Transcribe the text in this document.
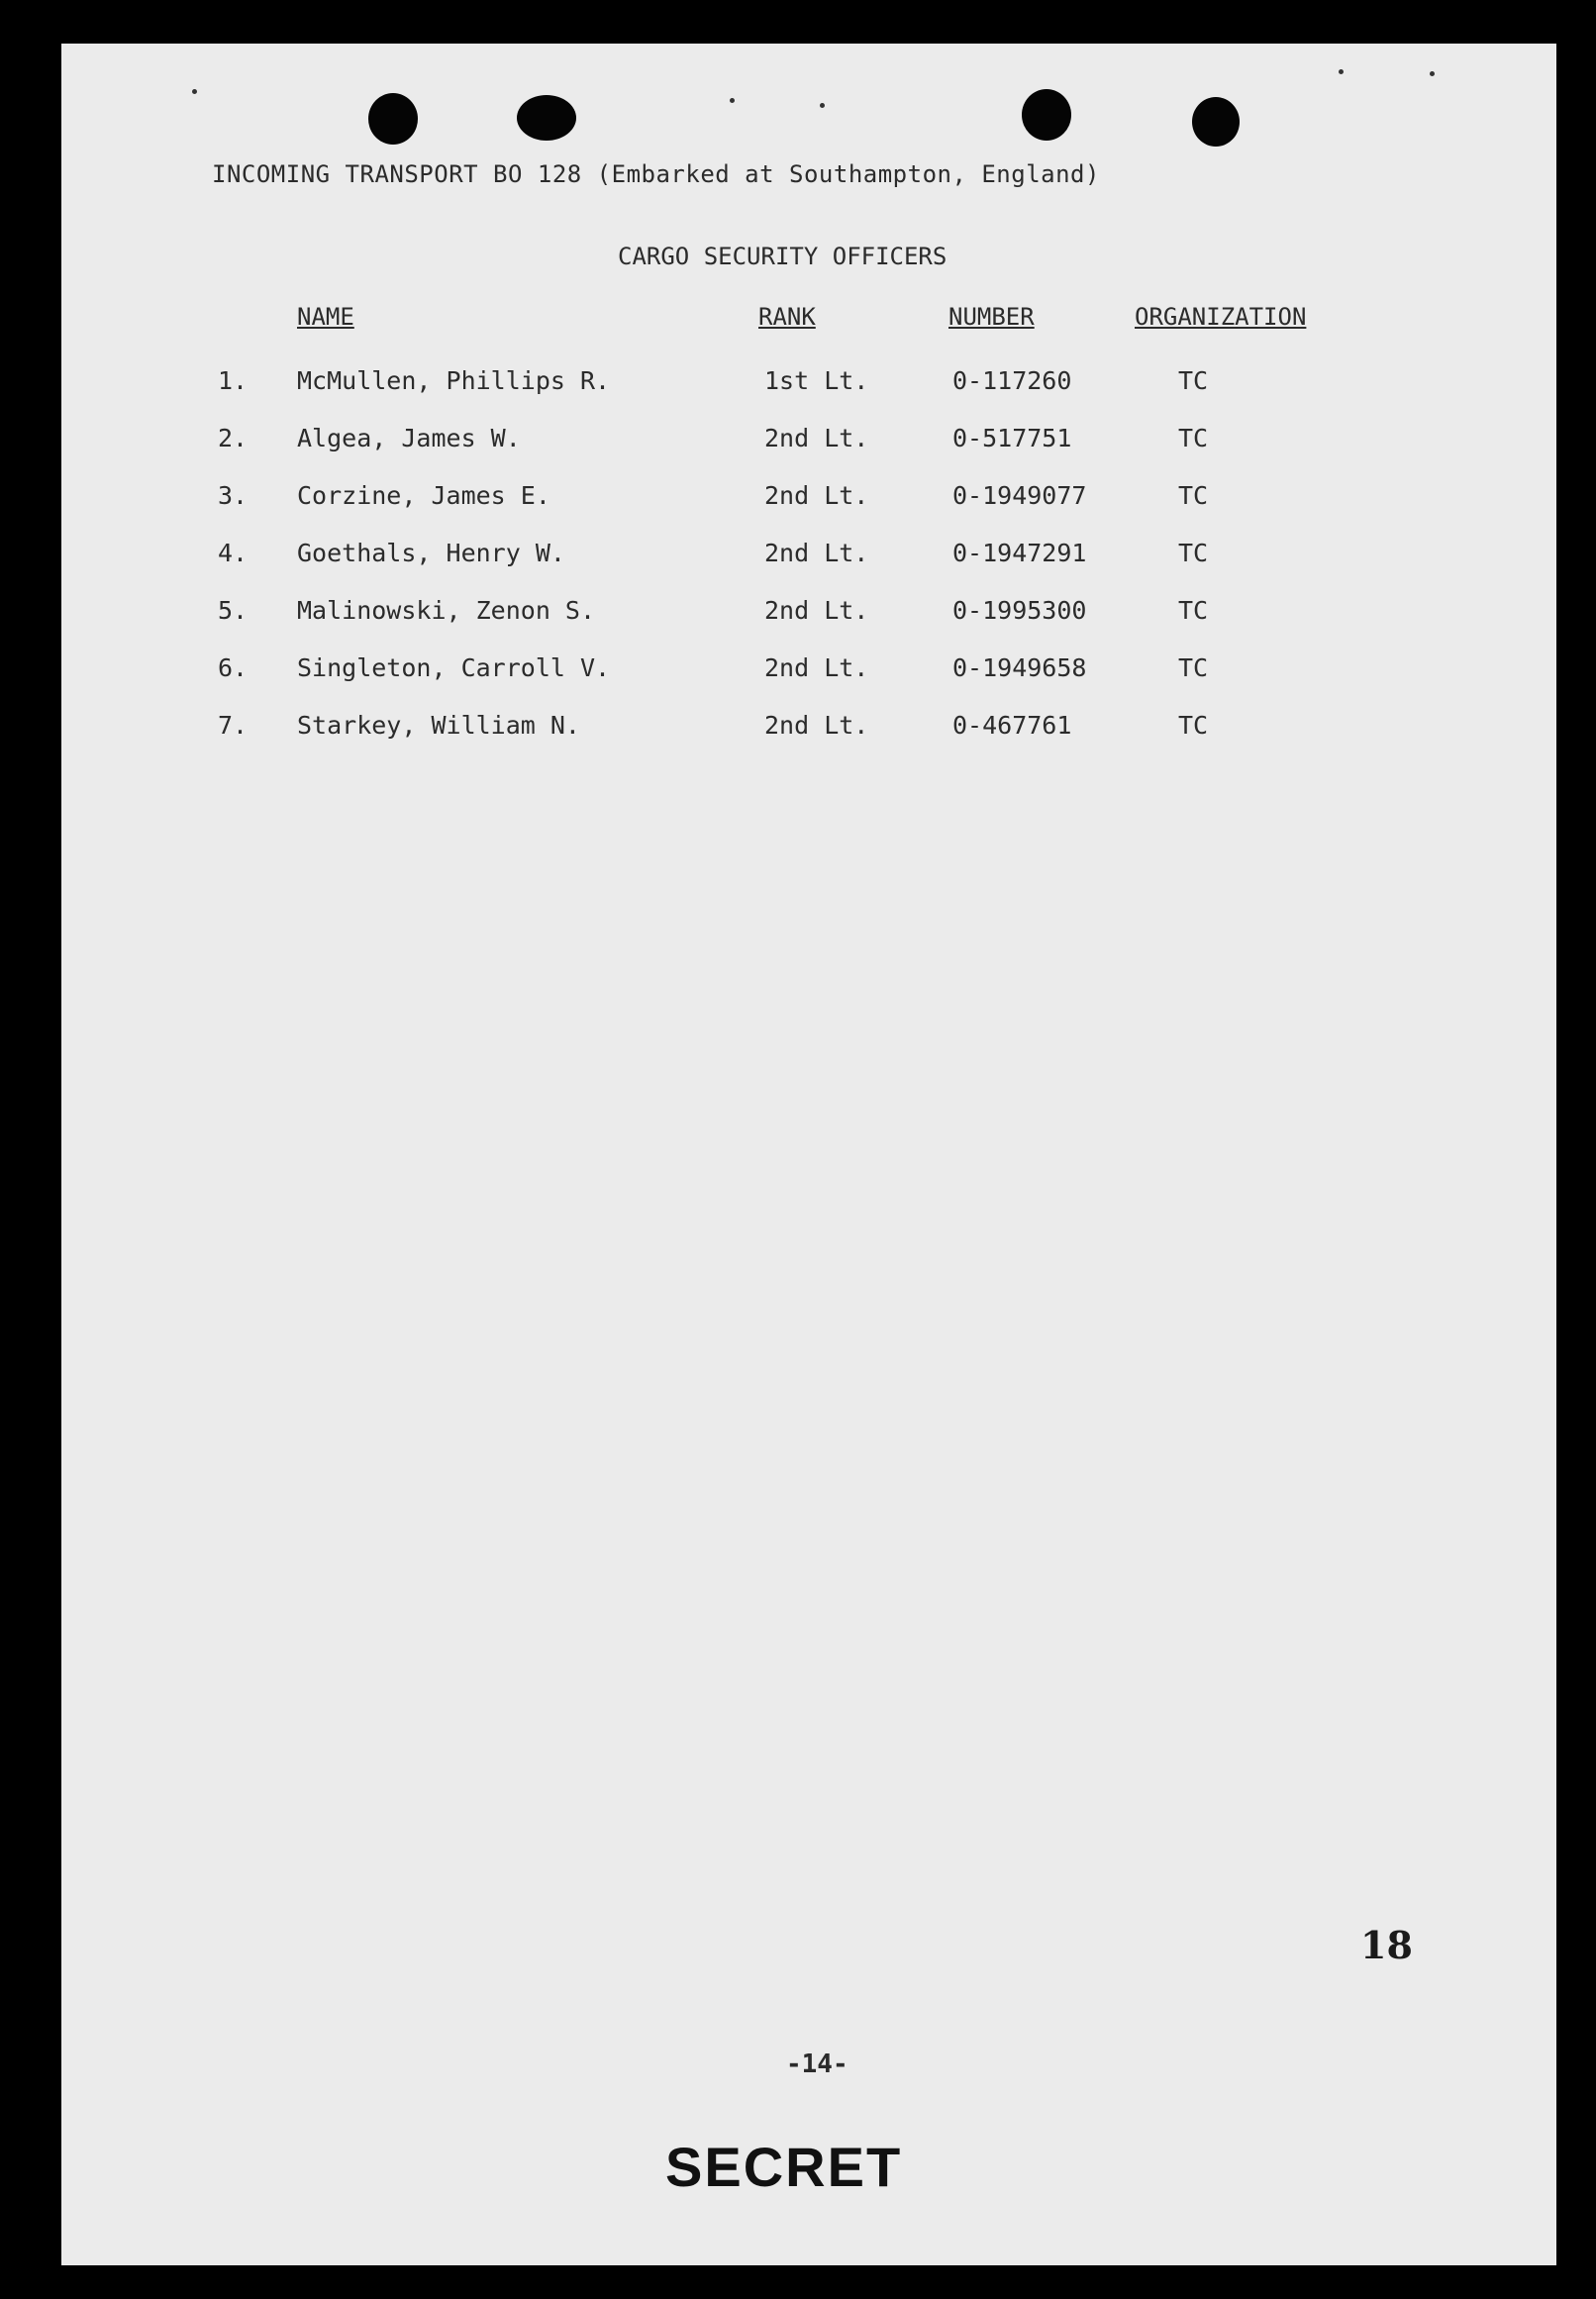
INCOMING TRANSPORT BO 128 (Embarked at Southampton, England)
CARGO SECURITY OFFICERS
NAME	RANK	NUMBER	ORGANIZATION
1. McMullen, Phillips R.	1st Lt.	0-117260	TC
2. Algea, James W.	2nd Lt.	0-517751	TC
3. Corzine, James E.	2nd Lt.	0-1949077	TC
4. Goethals, Henry W.	2nd Lt.	0-1947291	TC
5. Malinowski, Zenon S.	2nd Lt.	0-1995300	TC
6. Singleton, Carroll V.	2nd Lt.	0-1949658	TC
7. Starkey, William N.	2nd Lt.	0-467761	TC
18
-14-
SECRET
